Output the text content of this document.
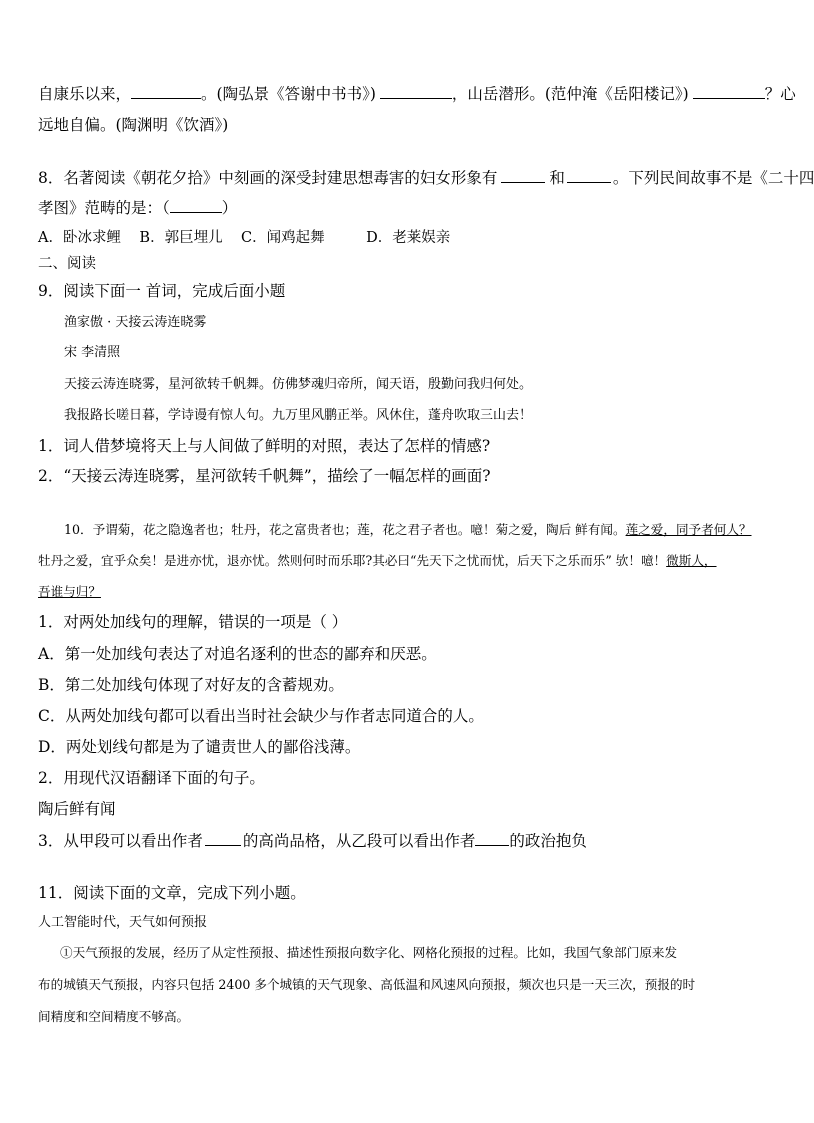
自康乐以来，	。(陶弘景《答谢中书书》)	，山岳潜形。(范仲淹《岳阳楼记》)	？心
远地自偏。(陶渊明《饮酒》)
8．名著阅读《朝花夕拾》中刻画的深受封建思想毒害的妇女形象有	和	。下列民间故事不是《二十四
孝图》范畴的是：（	）
A．卧冰求鲤    B．郭巨埋儿    C．闻鸡起舞         D．老莱娱亲
二、阅读
9．阅读下面一 首词，完成后面小题
渔家傲 · 天接云涛连晓雾
宋 李清照
天接云涛连晓雾，星河欲转千帆舞。仿佛梦魂归帝所，闻天语，殷勤问我归何处。
我报路长嗟日暮，学诗谩有惊人句。九万里风鹏正举。风休住，蓬舟吹取三山去！
1．词人借梦境将天上与人间做了鲜明的对照，表达了怎样的情感?
2．“天接云涛连晓雾，星河欲转千帆舞”，描绘了一幅怎样的画面?
10．予谓菊，花之隐逸者也；牡丹，花之富贵者也；莲，花之君子者也。噫！菊之爱，陶后 鲜有闻。莲之爱，同予者何人？
牡丹之爱，宜乎众矣！是进亦忧，退亦忧。然则何时而乐耶?其必曰“先天下之忧而忧，后天下之乐而乐” 欤！噫！微斯人，
吾谁与归？
1．对两处加线句的理解，错误的一项是（ ）
A．第一处加线句表达了对追名逐利的世态的鄙弃和厌恶。
B．第二处加线句体现了对好友的含蓄规劝。
C．从两处加线句都可以看出当时社会缺少与作者志同道合的人。
D．两处划线句都是为了谴责世人的鄙俗浅薄。
2．用现代汉语翻译下面的句子。
陶后鲜有闻
3．从甲段可以看出作者	的高尚品格，从乙段可以看出作者 的政治抱负
11．阅读下面的文章，完成下列小题。
人工智能时代，天气如何预报
①天气预报的发展，经历了从定性预报、描述性预报向数字化、网格化预报的过程。比如，我国气象部门原来发
布的城镇天气预报，内容只包括 2400 多个城镇的天气现象、高低温和风速风向预报，频次也只是一天三次，预报的时
间精度和空间精度不够高。
